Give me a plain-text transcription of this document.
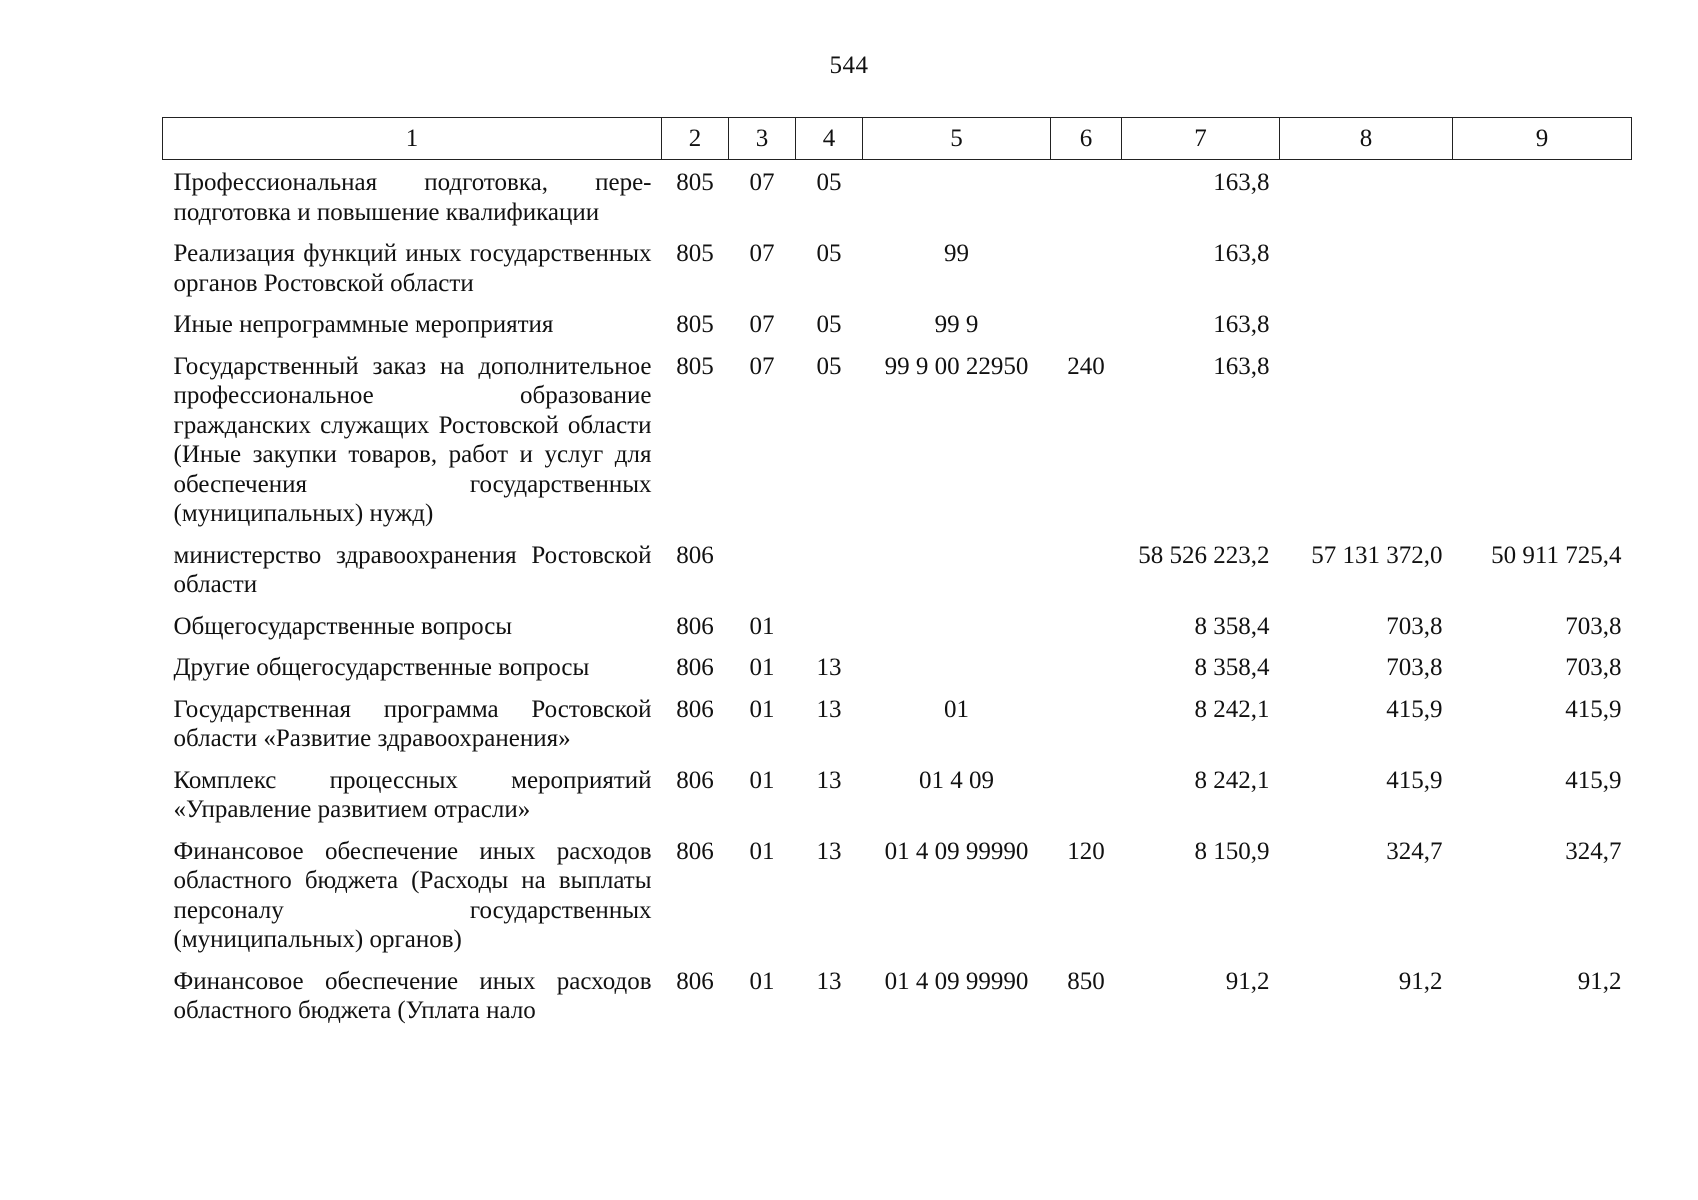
544
1	2	3	4	5	6	7	8	9
Профессиональная подготовка, переподготовка и повышение квалификации	805	07	05			163,8		
Реализация функций иных государственных органов Ростовской области	805	07	05	99		163,8		
Иные непрограммные мероприятия	805	07	05	99 9		163,8		
Государственный заказ на дополнительное профессиональное образование гражданских служащих Ростовской области (Иные закупки товаров, работ и услуг для обеспечения государственных (муниципальных) нужд)	805	07	05	99 9 00 22950	240	163,8		
министерство здравоохранения Ростовской области	806					58 526 223,2	57 131 372,0	50 911 725,4
Общегосударственные вопросы	806	01				8 358,4	703,8	703,8
Другие общегосударственные вопросы	806	01	13			8 358,4	703,8	703,8
Государственная программа Ростовской области «Развитие здравоохранения»	806	01	13	01		8 242,1	415,9	415,9
Комплекс процессных мероприятий «Управление развитием отрасли»	806	01	13	01 4 09		8 242,1	415,9	415,9
Финансовое обеспечение иных расходов областного бюджета (Расходы на выплаты персоналу государственных (муниципальных) органов)	806	01	13	01 4 09 99990	120	8 150,9	324,7	324,7
Финансовое обеспечение иных расходов областного бюджета (Уплата нало	806	01	13	01 4 09 99990	850	91,2	91,2	91,2
